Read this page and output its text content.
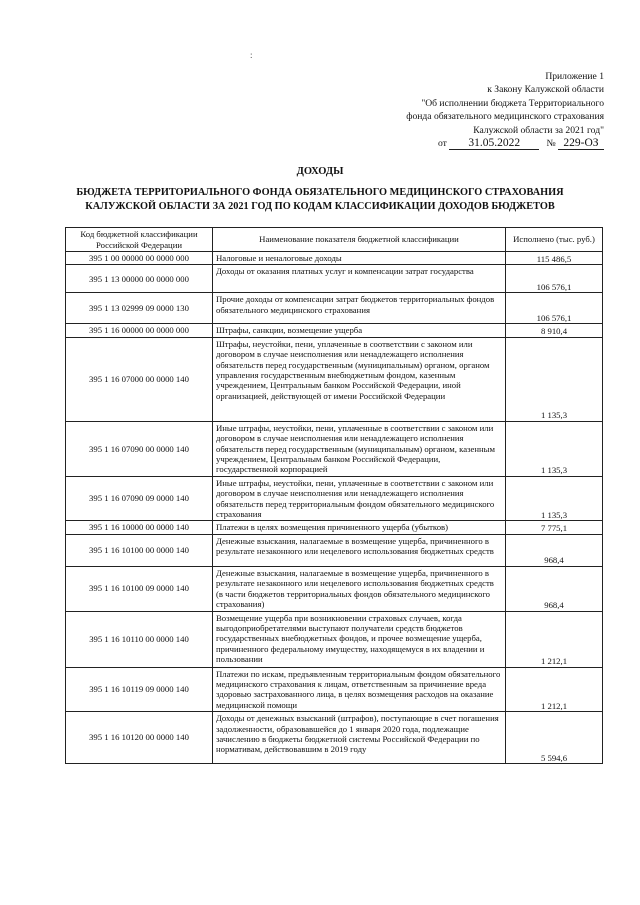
:
Приложение 1
к Закону Калужской области
"Об исполнении бюджета Территориального
фонда обязательного медицинского страхования
Калужской области за 2021 год"
от 31.05.2022	№ 229-ОЗ
ДОХОДЫ
БЮДЖЕТА ТЕРРИТОРИАЛЬНОГО ФОНДА ОБЯЗАТЕЛЬНОГО МЕДИЦИНСКОГО СТРАХОВАНИЯ КАЛУЖСКОЙ ОБЛАСТИ ЗА 2021 ГОД ПО КОДАМ КЛАССИФИКАЦИИ ДОХОДОВ БЮДЖЕТОВ
Код бюджетной классификации Российской Федерации	Наименование показателя бюджетной классификации	Исполнено (тыс. руб.)
395 1 00 00000 00 0000 000	Налоговые и неналоговые доходы	115 486,5
395 1 13 00000 00 0000 000	Доходы от оказания платных услуг и компенсации затрат государства	106 576,1
395 1 13 02999 09 0000 130	Прочие доходы от компенсации затрат бюджетов территориальных фондов обязательного медицинского страхования	106 576,1
395 1 16 00000 00 0000 000	Штрафы, санкции, возмещение ущерба	8 910,4
395 1 16 07000 00 0000 140	Штрафы, неустойки, пени, уплаченные в соответствии с законом или договором в случае неисполнения или ненадлежащего исполнения обязательств перед государственным (муниципальным) органом, органом управления государственным внебюджетным фондом, казенным учреждением, Центральным банком Российской Федерации, иной организацией, действующей от имени Российской Федерации	1 135,3
395 1 16 07090 00 0000 140	Иные штрафы, неустойки, пени, уплаченные в соответствии с законом или договором в случае неисполнения или ненадлежащего исполнения обязательств перед государственным (муниципальным) органом, казенным учреждением, Центральным банком Российской Федерации, государственной корпорацией	1 135,3
395 1 16 07090 09 0000 140	Иные штрафы, неустойки, пени, уплаченные в соответствии с законом или договором в случае неисполнения или ненадлежащего исполнения обязательств перед территориальным фондом обязательного медицинского страхования	1 135,3
395 1 16 10000 00 0000 140	Платежи в целях возмещения причиненного ущерба (убытков)	7 775,1
395 1 16 10100 00 0000 140	Денежные взыскания, налагаемые в возмещение ущерба, причиненного в результате незаконного или нецелевого использования бюджетных средств	968,4
395 1 16 10100 09 0000 140	Денежные взыскания, налагаемые в возмещение ущерба, причиненного в результате незаконного или нецелевого использования бюджетных средств (в части бюджетов территориальных фондов обязательного медицинского страхования)	968,4
395 1 16 10110 00 0000 140	Возмещение ущерба при возникновении страховых случаев, когда выгодоприобретателями выступают получатели средств бюджетов государственных внебюджетных фондов, и прочее возмещение ущерба, причиненного федеральному имуществу, находящемуся в их владении и пользовании	1 212,1
395 1 16 10119 09 0000 140	Платежи по искам, предъявленным территориальным фондом обязательного медицинского страхования к лицам, ответственным за причинение вреда здоровью застрахованного лица, в целях возмещения расходов на оказание медицинской помощи	1 212,1
395 1 16 10120 00 0000 140	Доходы от денежных взысканий (штрафов), поступающие в счет погашения задолженности, образовавшейся до 1 января 2020 года, подлежащие зачислению в бюджеты бюджетной системы Российской Федерации по нормативам, действовавшим в 2019 году	5 594,6
